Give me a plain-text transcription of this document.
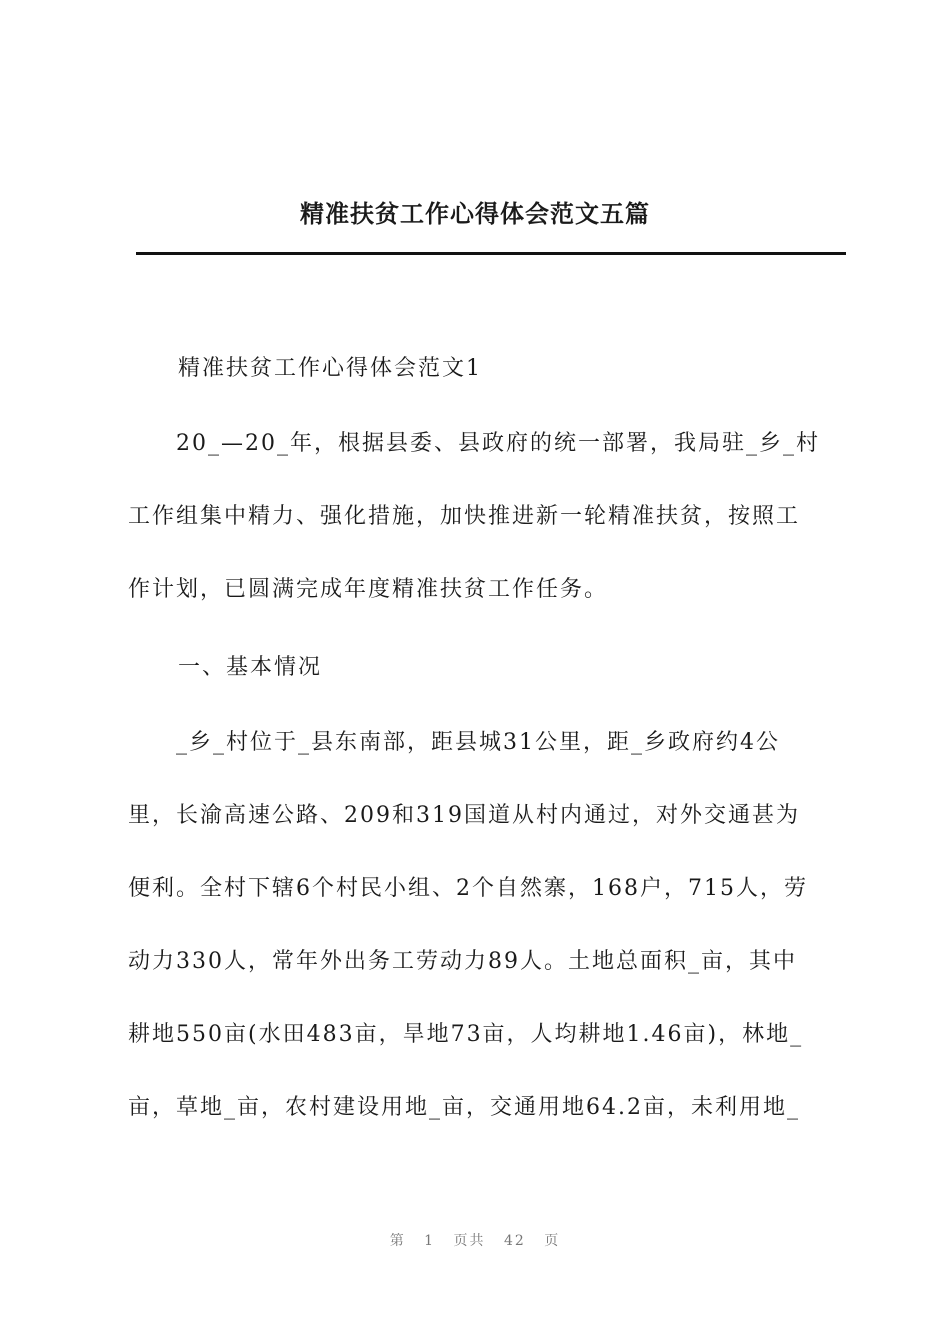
精准扶贫工作心得体会范文五篇
精准扶贫工作心得体会范文1
　　20_—20_年，根据县委、县政府的统一部署，我局驻_乡_村
工作组集中精力、强化措施，加快推进新一轮精准扶贫，按照工
作计划，已圆满完成年度精准扶贫工作任务。
一、基本情况
　　_乡_村位于_县东南部，距县城31公里，距_乡政府约4公
里，长渝高速公路、209和319国道从村内通过，对外交通甚为
便利。全村下辖6个村民小组、2个自然寨，168户，715人，劳
动力330人，常年外出务工劳动力89人。土地总面积_亩，其中
耕地550亩(水田483亩，旱地73亩，人均耕地1.46亩)，林地_
亩，草地_亩，农村建设用地_亩，交通用地64.2亩，未利用地_
第 1 页共 42 页
